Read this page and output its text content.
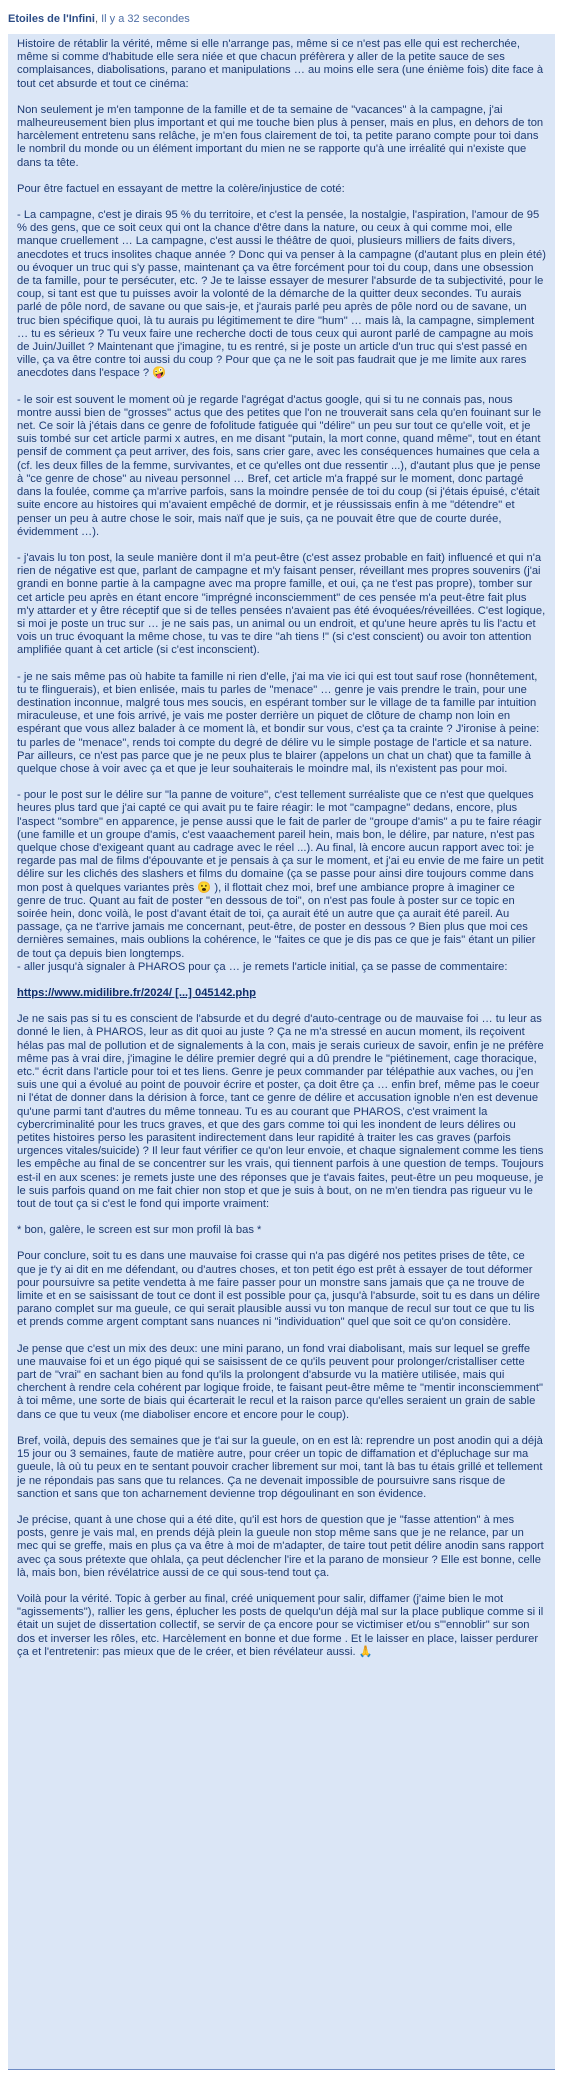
Etoiles de l'Infini, Il y a 32 secondes

Histoire de rétablir la vérité, même si elle n'arrange pas, même si ce n'est pas elle qui est recherchée, même si comme d'habitude elle sera niée et que chacun préfèrera y aller de la petite sauce de ses complaisances, diabolisations, parano et manipulations … au moins elle sera (une énième fois) dite face à tout cet absurde et tout ce cinéma:

Non seulement je m'en tamponne de la famille et de ta semaine de "vacances" à la campagne, j'ai malheureusement bien plus important et qui me touche bien plus à penser, mais en plus, en dehors de ton harcèlement entretenu sans relâche, je m'en fous clairement de toi, ta petite parano compte pour toi dans le nombril du monde ou un élément important du mien ne se rapporte qu'à une irréalité qui n'existe que dans ta tête.

Pour être factuel en essayant de mettre la colère/injustice de coté:

- La campagne, c'est je dirais 95 % du territoire, et c'est la pensée, la nostalgie, l'aspiration, l'amour de 95 % des gens, que ce soit ceux qui ont la chance d'être dans la nature, ou ceux à qui comme moi, elle manque cruellement … La campagne, c'est aussi le théâtre de quoi, plusieurs milliers de faits divers, anecdotes et trucs insolites chaque année ? Donc qui va penser à la campagne (d'autant plus en plein été) ou évoquer un truc qui s'y passe, maintenant ça va être forcément pour toi du coup, dans une obsession de ta famille, pour te persécuter, etc. ? Je te laisse essayer de mesurer l'absurde de ta subjectivité, pour le coup, si tant est que tu puisses avoir la volonté de la démarche de la quitter deux secondes. Tu aurais parlé de pôle nord, de savane ou que sais-je, et j'aurais parlé peu après de pôle nord ou de savane, un truc bien spécifique quoi, là tu aurais pu légitimement te dire "hum" … mais là, la campagne, simplement … tu es sérieux ? Tu veux faire une recherche docti de tous ceux qui auront parlé de campagne au mois de Juin/Juillet ? Maintenant que j'imagine, tu es rentré, si je poste un article d'un truc qui s'est passé en ville, ça va être contre toi aussi du coup ? Pour que ça ne le soit pas faudrait que je me limite aux rares anecdotes dans l'espace ? 🤪

- le soir est souvent le moment où je regarde l'agrégat d'actus google, qui si tu ne connais pas, nous montre aussi bien de "grosses" actus que des petites que l'on ne trouverait sans cela qu'en fouinant sur le net. Ce soir là j'étais dans ce genre de fofolitude fatiguée qui "délire" un peu sur tout ce qu'elle voit, et je suis tombé sur cet article parmi x autres, en me disant "putain, la mort conne, quand même", tout en étant pensif de comment ça peut arriver, des fois, sans crier gare, avec les conséquences humaines que cela a (cf. les deux filles de la femme, survivantes, et ce qu'elles ont due ressentir ...), d'autant plus que je pense à "ce genre de chose" au niveau personnel … Bref, cet article m'a frappé sur le moment, donc partagé dans la foulée, comme ça m'arrive parfois, sans la moindre pensée de toi du coup (si j'étais épuisé, c'était suite encore au histoires qui m'avaient empêché de dormir, et je réussissais enfin à me "détendre" et penser un peu à autre chose le soir, mais naïf que je suis, ça ne pouvait être que de courte durée, évidemment …).

- j'avais lu ton post, la seule manière dont il m'a peut-être (c'est assez probable en fait) influencé et qui n'a rien de négative est que, parlant de campagne et m'y faisant penser, réveillant mes propres souvenirs (j'ai grandi en bonne partie à la campagne avec ma propre famille, et oui, ça ne t'est pas propre), tomber sur cet article peu après en étant encore "imprégné inconsciemment" de ces pensée m'a peut-être fait plus m'y attarder et y être réceptif que si de telles pensées n'avaient pas été évoquées/réveillées. C'est logique, si moi je poste un truc sur … je ne sais pas, un animal ou un endroit, et qu'une heure après tu lis l'actu et vois un truc évoquant la même chose, tu vas te dire "ah tiens !" (si c'est conscient) ou avoir ton attention amplifiée quant à cet article (si c'est inconscient).

- je ne sais même pas où habite ta famille ni rien d'elle, j'ai ma vie ici qui est tout sauf rose (honnêtement, tu te flinguerais), et bien enlisée, mais tu parles de "menace" … genre je vais prendre le train, pour une destination inconnue, malgré tous mes soucis, en espérant tomber sur le village de ta famille par intuition miraculeuse, et une fois arrivé, je vais me poster derrière un piquet de clôture de champ non loin en espérant que vous allez balader à ce moment là, et bondir sur vous, c'est ça ta crainte ? J'ironise à peine: tu parles de "menace", rends toi compte du degré de délire vu le simple postage de l'article et sa nature. Par ailleurs, ce n'est pas parce que je ne peux plus te blairer (appelons un chat un chat) que ta famille à quelque chose à voir avec ça et que je leur souhaiterais le moindre mal, ils n'existent pas pour moi.

- pour le post sur le délire sur "la panne de voiture", c'est tellement surréaliste que ce n'est que quelques heures plus tard que j'ai capté ce qui avait pu te faire réagir: le mot "campagne" dedans, encore, plus l'aspect "sombre" en apparence, je pense aussi que le fait de parler de "groupe d'amis" a pu te faire réagir (une famille et un groupe d'amis, c'est vaaachement pareil hein, mais bon, le délire, par nature, n'est pas quelque chose d'exigeant quant au cadrage avec le réel ...). Au final, là encore aucun rapport avec toi: je regarde pas mal de films d'épouvante et je pensais à ça sur le moment, et j'ai eu envie de me faire un petit délire sur les clichés des slashers et films du domaine (ça se passe pour ainsi dire toujours comme dans mon post à quelques variantes près 😮 ), il flottait chez moi, bref une ambiance propre à imaginer ce genre de truc. Quant au fait de poster "en dessous de toi", on n'est pas foule à poster sur ce topic en soirée hein, donc voilà, le post d'avant était de toi, ça aurait été un autre que ça aurait été pareil. Au passage, ça ne t'arrive jamais me concernant, peut-être, de poster en dessous ? Bien plus que moi ces dernières semaines, mais oublions la cohérence, le "faites ce que je dis pas ce que je fais" étant un pilier de tout ça depuis bien longtemps.
- aller jusqu'à signaler à PHAROS pour ça … je remets l'article initial, ça se passe de commentaire:

https://www.midilibre.fr/2024/ [...] 045142.php

Je ne sais pas si tu es conscient de l'absurde et du degré d'auto-centrage ou de mauvaise foi … tu leur as donné le lien, à PHAROS, leur as dit quoi au juste ? Ça ne m'a stressé en aucun moment, ils reçoivent hélas pas mal de pollution et de signalements à la con, mais je serais curieux de savoir, enfin je ne préfère même pas à vrai dire, j'imagine le délire premier degré qui a dû prendre le "piétinement, cage thoracique, etc." écrit dans l'article pour toi et tes liens. Genre je peux commander par télépathie aux vaches, ou j'en suis une qui a évolué au point de pouvoir écrire et poster, ça doit être ça … enfin bref, même pas le coeur ni l'état de donner dans la dérision à force, tant ce genre de délire et accusation ignoble n'en est devenue qu'une parmi tant d'autres du même tonneau. Tu es au courant que PHAROS, c'est vraiment la cybercriminalité pour les trucs graves, et que des gars comme toi qui les inondent de leurs délires ou petites histoires perso les parasitent indirectement dans leur rapidité à traiter les cas graves (parfois urgences vitales/suicide) ? Il leur faut vérifier ce qu'on leur envoie, et chaque signalement comme les tiens les empêche au final de se concentrer sur les vrais, qui tiennent parfois à une question de temps. Toujours est-il en aux scenes: je remets juste une des réponses que je t'avais faites, peut-être un peu moqueuse, je le suis parfois quand on me fait chier non stop et que je suis à bout, on ne m'en tiendra pas rigueur vu le tout de tout ça si c'est le fond qui importe vraiment:

* bon, galère, le screen est sur mon profil là bas *

Pour conclure, soit tu es dans une mauvaise foi crasse qui n'a pas digéré nos petites prises de tête, ce que je t'y ai dit en me défendant, ou d'autres choses, et ton petit égo est prêt à essayer de tout déformer pour poursuivre sa petite vendetta à me faire passer pour un monstre sans jamais que ça ne trouve de limite et en se saisissant de tout ce dont il est possible pour ça, jusqu'à l'absurde, soit tu es dans un délire parano complet sur ma gueule, ce qui serait plausible aussi vu ton manque de recul sur tout ce que tu lis et prends comme argent comptant sans nuances ni "individuation" quel que soit ce qu'on considère.

Je pense que c'est un mix des deux: une mini parano, un fond vrai diabolisant, mais sur lequel se greffe une mauvaise foi et un égo piqué qui se saisissent de ce qu'ils peuvent pour prolonger/cristalliser cette part de "vrai" en sachant bien au fond qu'ils la prolongent d'absurde vu la matière utilisée, mais qui cherchent à rendre cela cohérent par logique froide, te faisant peut-être même te "mentir inconsciemment" à toi même, une sorte de biais qui écarterait le recul et la raison parce qu'elles seraient un grain de sable dans ce que tu veux (me diaboliser encore et encore pour le coup).

Bref, voilà, depuis des semaines que je t'ai sur la gueule, on en est là: reprendre un post anodin qui a déjà 15 jour ou 3 semaines, faute de matière autre, pour créer un topic de diffamation et d'épluchage sur ma gueule, là où tu peux en te sentant pouvoir cracher librement sur moi, tant là bas tu étais grillé et tellement je ne répondais pas sans que tu relances. Ça ne devenait impossible de poursuivre sans risque de sanction et sans que ton acharnement devienne trop dégoulinant en son évidence.

Je précise, quant à une chose qui a été dite, qu'il est hors de question que je "fasse attention" à mes posts, genre je vais mal, en prends déjà plein la gueule non stop même sans que je ne relance, par un mec qui se greffe, mais en plus ça va être à moi de m'adapter, de taire tout petit délire anodin sans rapport avec ça sous prétexte que ohlala, ça peut déclencher l'ire et la parano de monsieur ? Elle est bonne, celle là, mais bon, bien révélatrice aussi de ce qui sous-tend tout ça.

Voilà pour la vérité. Topic à gerber au final, créé uniquement pour salir, diffamer (j'aime bien le mot "agissements"), rallier les gens, éplucher les posts de quelqu'un déjà mal sur la place publique comme si il était un sujet de dissertation collectif, se servir de ça encore pour se victimiser et/ou s'"ennoblir" sur son dos et inverser les rôles, etc. Harcèlement en bonne et due forme . Et le laisser en place, laisser perdurer ça et l'entretenir: pas mieux que de le créer, et bien révélateur aussi. 🙏
